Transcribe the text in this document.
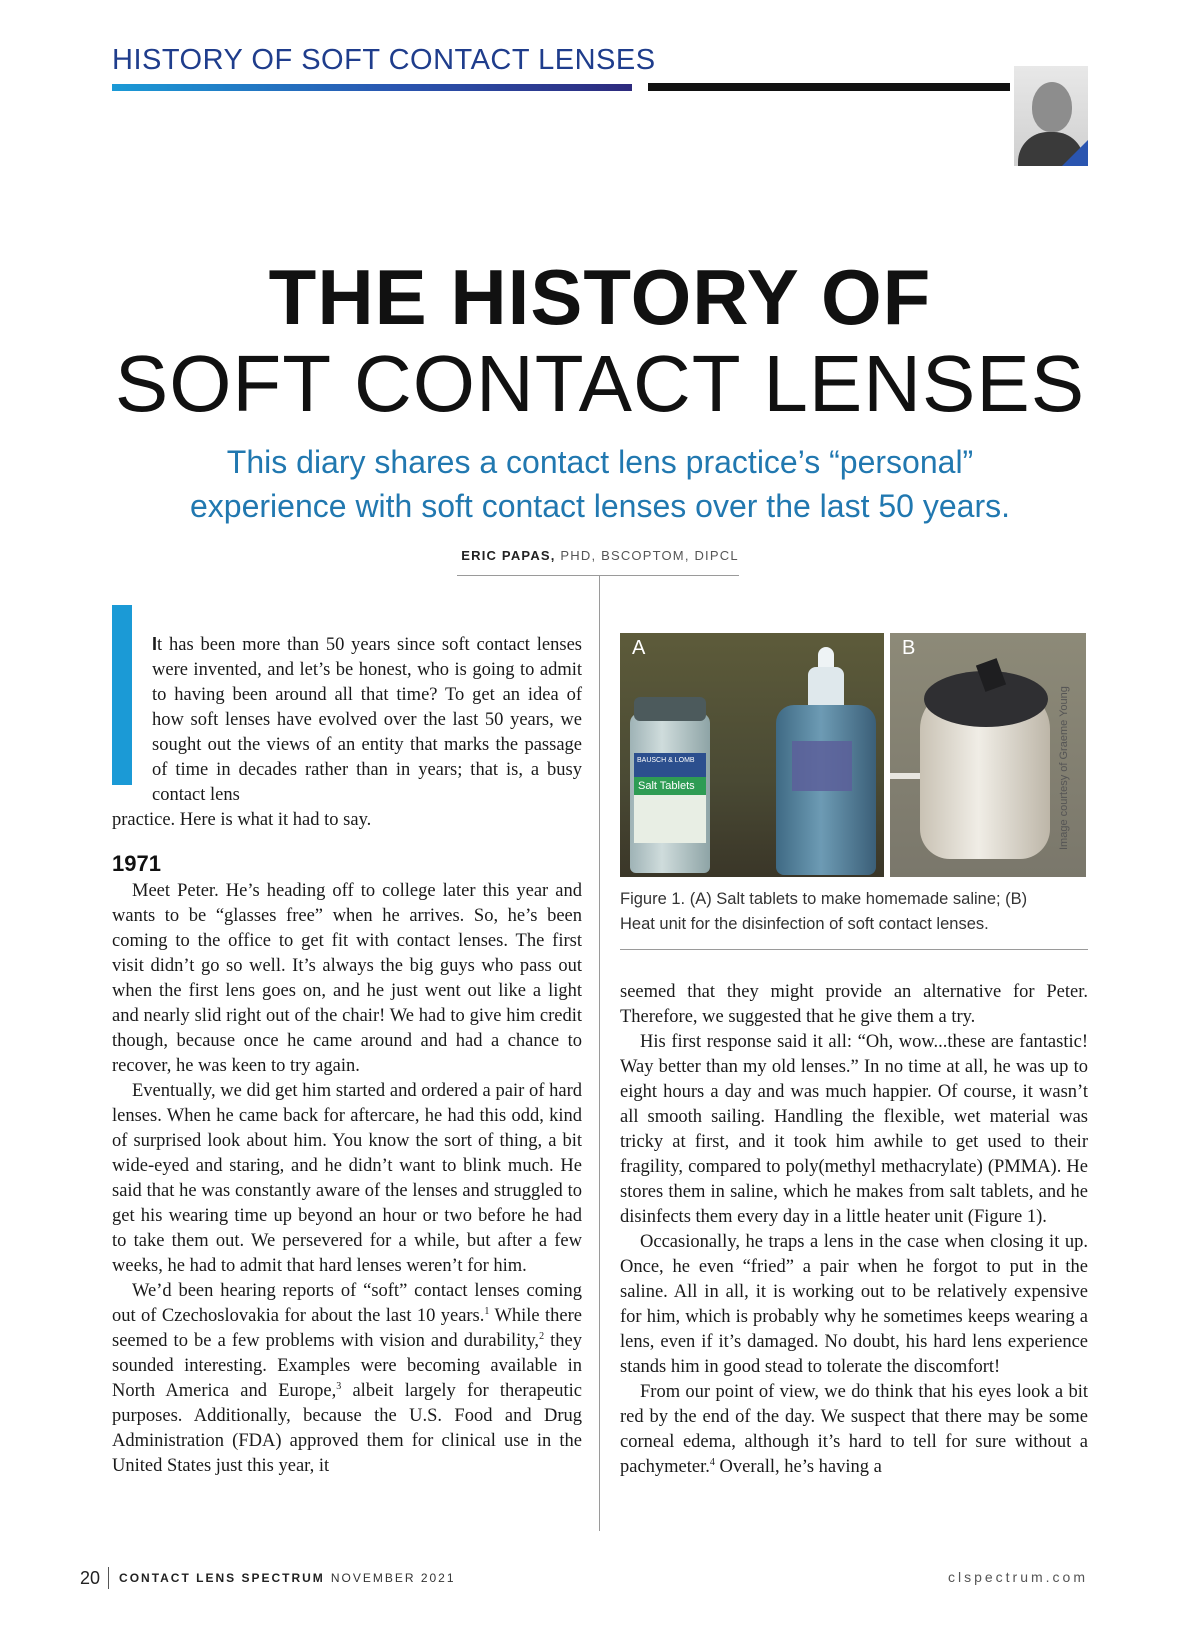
HISTORY OF SOFT CONTACT LENSES
THE HISTORY OF
SOFT CONTACT LENSES
This diary shares a contact lens practice’s “personal”
experience with soft contact lenses over the last 50 years.
ERIC PAPAS, PHD, BSCOPTOM, DIPCL

It has been more than 50 years since soft contact lenses were invented, and let’s be honest, who is going to admit to having been around all that time? To get an idea of how soft lenses have evolved over the last 50 years, we sought out the views of an entity that marks the passage of time in decades rather than in years; that is, a busy contact lens

practice. Here is what it had to say.

1971

Meet Peter. He’s heading off to college later this year and wants to be “glasses free” when he arrives. So, he’s been coming to the office to get fit with contact lenses. The first visit didn’t go so well. It’s always the big guys who pass out when the first lens goes on, and he just went out like a light and nearly slid right out of the chair! We had to give him credit though, because once he came around and had a chance to recover, he was keen to try again.

Eventually, we did get him started and ordered a pair of hard lenses. When he came back for aftercare, he had this odd, kind of surprised look about him. You know the sort of thing, a bit wide-eyed and staring, and he didn’t want to blink much. He said that he was constantly aware of the lenses and struggled to get his wearing time up beyond an hour or two before he had to take them out. We persevered for a while, but after a few weeks, he had to admit that hard lenses weren’t for him.

We’d been hearing reports of “soft” contact lenses coming out of Czechoslovakia for about the last 10 years.$^1$ While there seemed to be a few problems with vision and durability,$^2$ they sounded interesting. Examples were becoming available in North America and Europe,$^3$ albeit largely for therapeutic purposes. Additionally, because the U.S. Food and Drug Administration (FDA) approved them for clinical use in the United States just this year, it

BAUSCH & LOMB
Salt Tablets
A	B
Figure 1. (A) Salt tablets to make homemade saline; (B)
Heat unit for the disinfection of soft contact lenses.
Image courtesy of Graeme Young

seemed that they might provide an alternative for Peter. Therefore, we suggested that he give them a try.

His first response said it all: “Oh, wow...these are fantastic! Way better than my old lenses.” In no time at all, he was up to eight hours a day and was much happier. Of course, it wasn’t all smooth sailing. Handling the flexible, wet material was tricky at first, and it took him awhile to get used to their fragility, compared to poly(methyl methacrylate) (PMMA). He stores them in saline, which he makes from salt tablets, and he disinfects them every day in a little heater unit (Figure 1).

Occasionally, he traps a lens in the case when closing it up. Once, he even “fried” a pair when he forgot to put in the saline. All in all, it is working out to be relatively expensive for him, which is probably why he sometimes keeps wearing a lens, even if it’s damaged. No doubt, his hard lens experience stands him in good stead to tolerate the discomfort!

From our point of view, we do think that his eyes look a bit red by the end of the day. We suspect that there may be some corneal edema, although it’s hard to tell for sure without a pachymeter.$^4$ Overall, he’s having a

20 CONTACT LENS SPECTRUM NOVEMBER 2021	clspectrum.com
